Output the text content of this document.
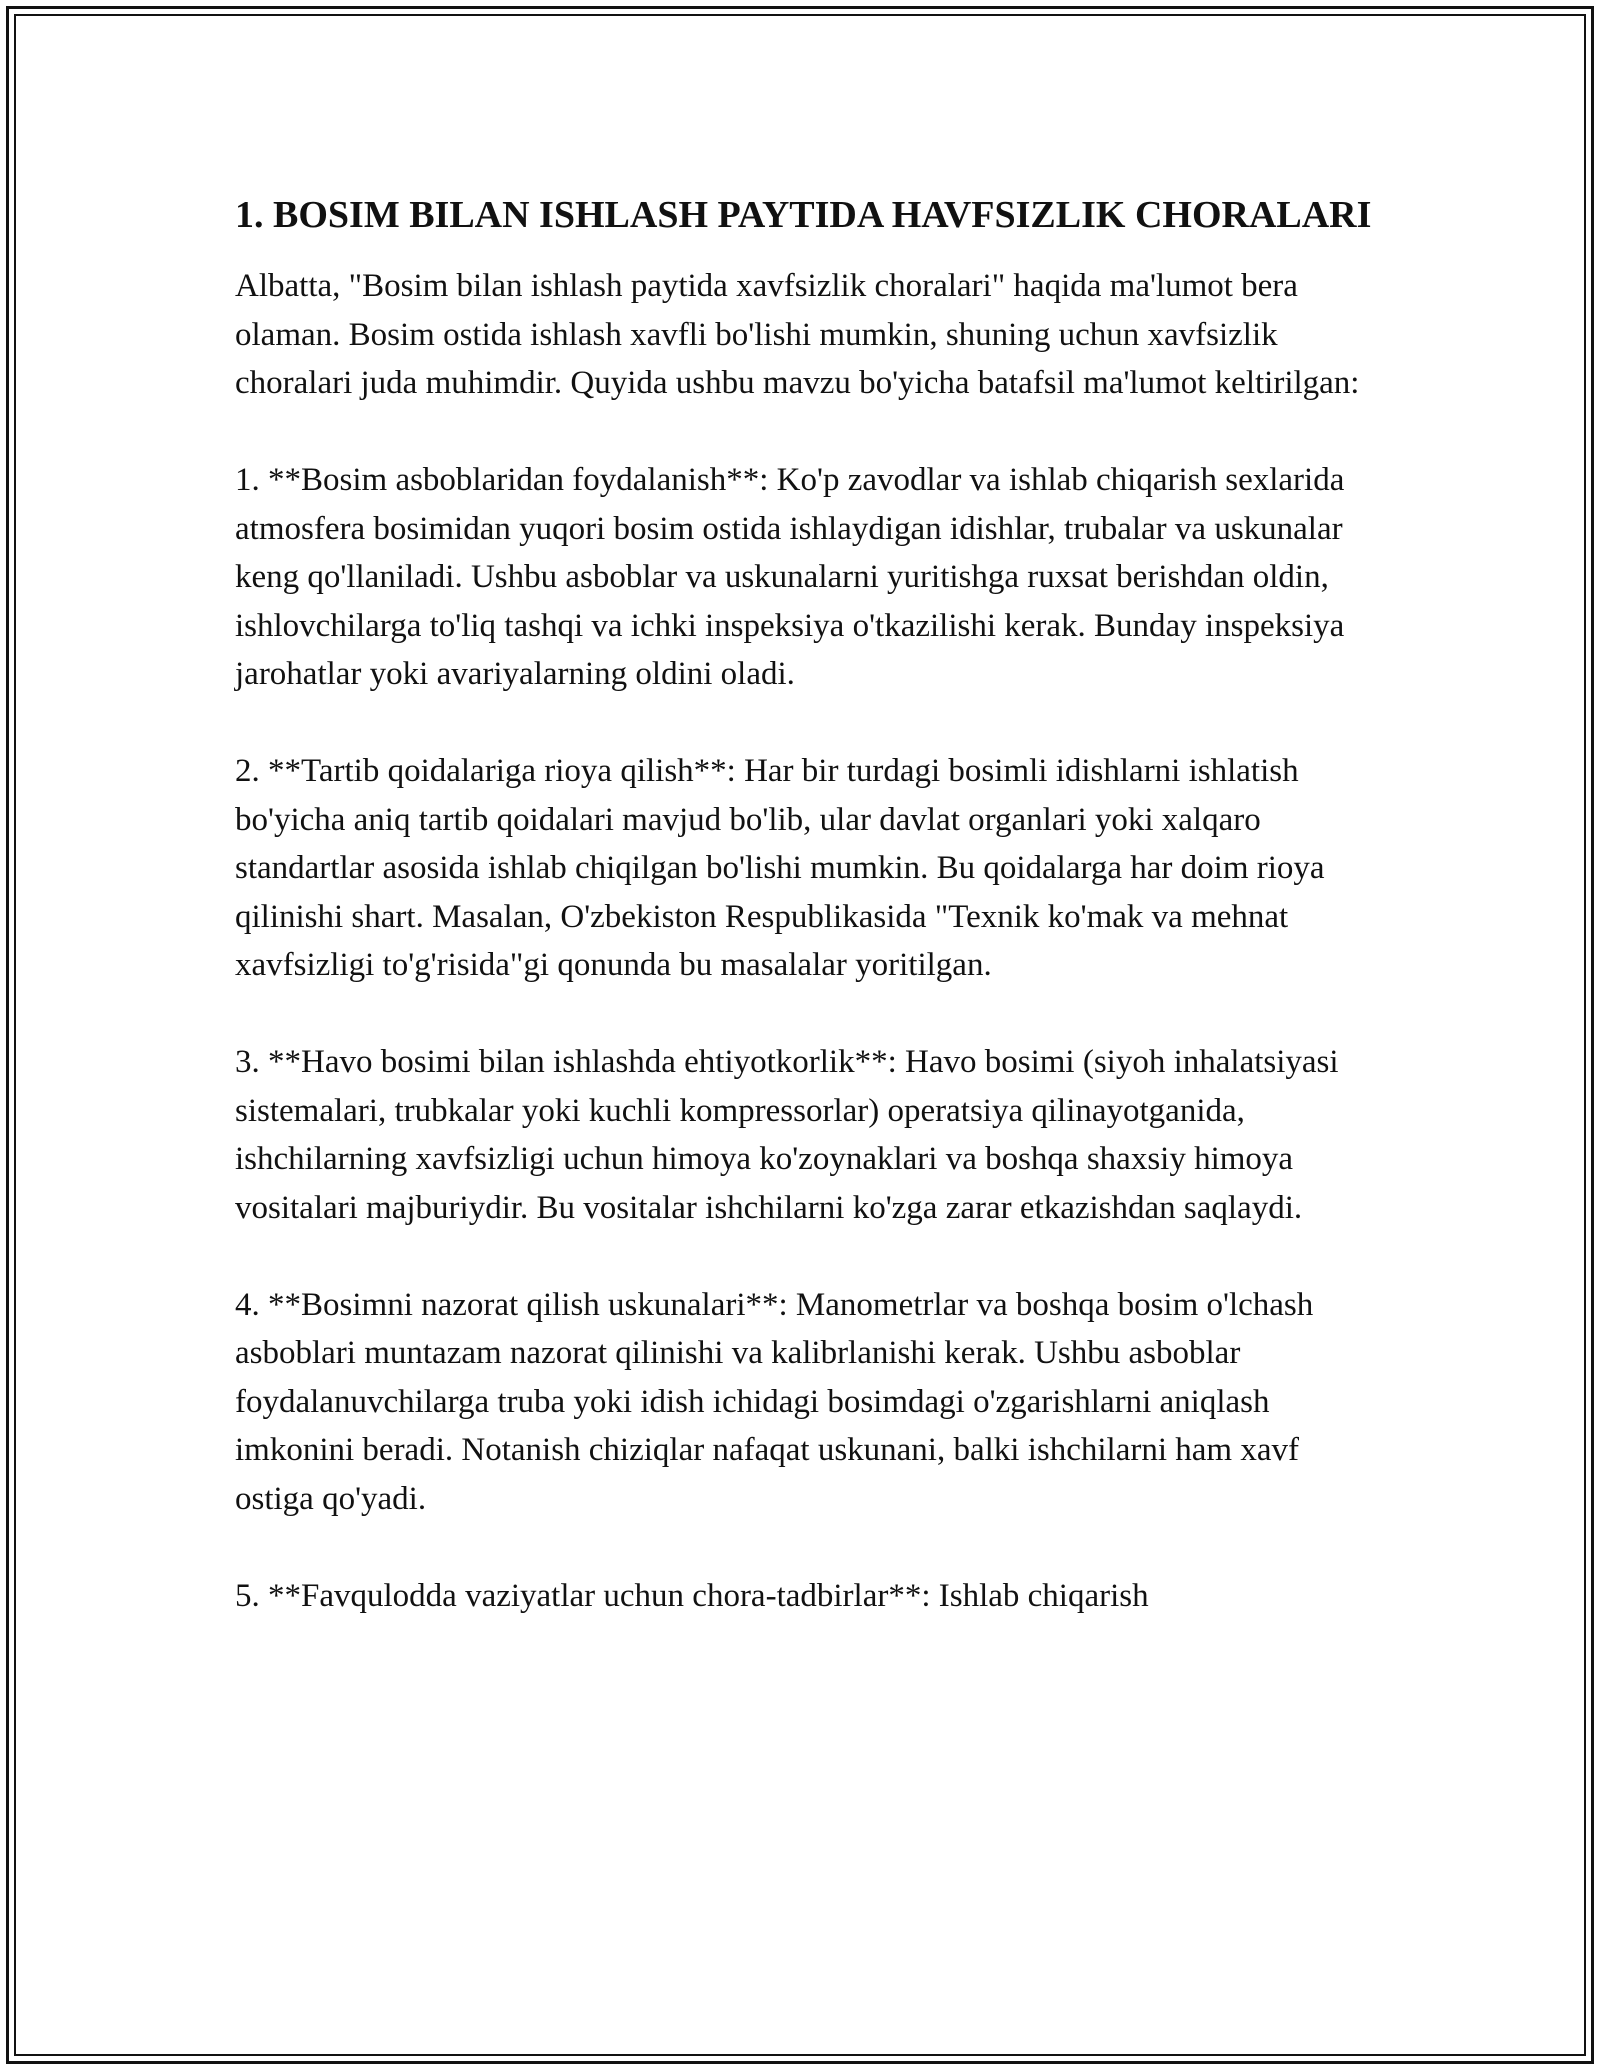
1. BOSIM BILAN ISHLASH PAYTIDA HAVFSIZLIK CHORALARI

Albatta, "Bosim bilan ishlash paytida xavfsizlik choralari" haqida ma'lumot bera olaman. Bosim ostida ishlash xavfli bo'lishi mumkin, shuning uchun xavfsizlik choralari juda muhimdir. Quyida ushbu mavzu bo'yicha batafsil ma'lumot keltirilgan:

1. **Bosim asboblaridan foydalanish**: Ko'p zavodlar va ishlab chiqarish sexlarida atmosfera bosimidan yuqori bosim ostida ishlaydigan idishlar, trubalar va uskunalar keng qo'llaniladi. Ushbu asboblar va uskunalarni yuritishga ruxsat berishdan oldin, ishlovchilarga to'liq tashqi va ichki inspeksiya o'tkazilishi kerak. Bunday inspeksiya jarohatlar yoki avariyalarning oldini oladi.

2. **Tartib qoidalariga rioya qilish**: Har bir turdagi bosimli idishlarni ishlatish bo'yicha aniq tartib qoidalari mavjud bo'lib, ular davlat organlari yoki xalqaro standartlar asosida ishlab chiqilgan bo'lishi mumkin. Bu qoidalarga har doim rioya qilinishi shart. Masalan, O'zbekiston Respublikasida "Texnik ko'mak va mehnat xavfsizligi to'g'risida"gi qonunda bu masalalar yoritilgan.

3. **Havo bosimi bilan ishlashda ehtiyotkorlik**: Havo bosimi (siyoh inhalatsiyasi sistemalari, trubkalar yoki kuchli kompressorlar) operatsiya qilinayotganida, ishchilarning xavfsizligi uchun himoya ko'zoynaklari va boshqa shaxsiy himoya vositalari majburiydir. Bu vositalar ishchilarni ko'zga zarar etkazishdan saqlaydi.

4. **Bosimni nazorat qilish uskunalari**: Manometrlar va boshqa bosim o'lchash asboblari muntazam nazorat qilinishi va kalibrlanishi kerak. Ushbu asboblar foydalanuvchilarga truba yoki idish ichidagi bosimdagi o'zgarishlarni aniqlash imkonini beradi. Notanish chiziqlar nafaqat uskunani, balki ishchilarni ham xavf ostiga qo'yadi.

5. **Favqulodda vaziyatlar uchun chora-tadbirlar**: Ishlab chiqarish
